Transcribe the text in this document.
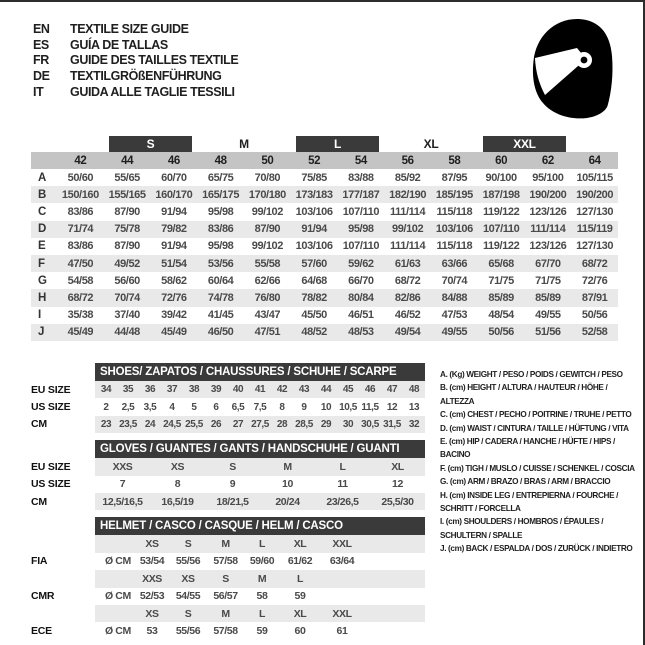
EN	TEXTILE SIZE GUIDE
ES	GUÍA DE TALLAS
FR	GUIDE DES TAILLES TEXTILE
DE	TEXTILGRÖßENFÜHRUNG
IT	GUIDA ALLE TAGLIE TESSILI
S	M	L	XL	XXL
42	44	46	48	50	52	54	56	58	60	62	64
A	50/60	55/65	60/70	65/75	70/80	75/85	83/88	85/92	87/95	90/100	95/100	105/115
B	150/160 155/165 160/170 165/175 170/180 173/183 177/187 182/190 185/195 187/198 190/200 190/200
C	83/86	87/90	91/94	95/98	99/102	103/106 107/110	111/114	115/118 119/122 123/126 127/130
D	71/74	75/78	79/82	83/86	87/90	91/94	95/98	99/102	103/106 107/110	111/114	115/119
E	83/86	87/90	91/94	95/98	99/102	103/106 107/110	111/114	115/118 119/122 123/126 127/130
F	47/50	49/52	51/54	53/56	55/58	57/60	59/62	61/63	63/66	65/68	67/70	68/72
G	54/58	56/60	58/62	60/64	62/66	64/68	66/70	68/72	70/74	71/75	71/75	72/76
H	68/72	70/74	72/76	74/78	76/80	78/82	80/84	82/86	84/88	85/89	85/89	87/91
I	35/38	37/40	39/42	41/45	43/47	45/50	46/51	46/52	47/53	48/54	49/55	50/56
J	45/49	44/48	45/49	46/50	47/51	48/52	48/53	49/54	49/55	50/56	51/56	52/58
SHOES/ ZAPATOS / CHAUSSURES / SCHUHE / SCARPE
EU SIZE	34	35	36	37	38	39	40	41	42	43	44	45	46	47	48
US SIZE	2	2,5 3,5	4	5	6	6,5 7,5	8	9	10 10,5 11,5 12	13
CM	23 23,5 24 24,5 25,5 26	27 27,5 28 28,5 29	30 30,5 31,5 32
GLOVES / GUANTES / GANTS / HANDSCHUHE / GUANTI
EU SIZE	XXS	XS	S	M	L	XL
US SIZE	7	8	9	10	11	12
CM	12,5/16,5	16,5/19	18/21,5	20/24	23/26,5	25,5/30
HELMET / CASCO / CASQUE / HELM / CASCO
XS	S	M	L	XL	XXL
FIA	Ø CM 53/54	55/56	57/58	59/60	61/62	63/64
XXS	XS	S	M	L
CMR	Ø CM 52/53	54/55	56/57	58	59
XS	S	M	L	XL	XXL
ECE	Ø CM	53	55/56	57/58	59	60	61
A. (Kg) WEIGHT / PESO / POIDS / GEWITCH / PESO
B. (cm) HEIGHT / ALTURA / HAUTEUR / HÖHE / ALTEZZA
C. (cm) CHEST / PECHO / POITRINE / TRUHE / PETTO
D. (cm) WAIST / CINTURA / TAILLE / HÜFTUNG / VITA
E. (cm) HIP / CADERA / HANCHE / HÜFTE / HIPS / BACINO
F. (cm) TIGH / MUSLO / CUISSE / SCHENKEL / COSCIA
G. (cm) ARM / BRAZO / BRAS / ARM / BRACCIO
H. (cm) INSIDE LEG / ENTREPIERNA / FOURCHE / SCHRITT / FORCELLA
I. (cm) SHOULDERS / HOMBROS / ÉPAULES / SCHULTERN / SPALLE
J. (cm) BACK / ESPALDA / DOS / ZURÜCK / INDIETRO
